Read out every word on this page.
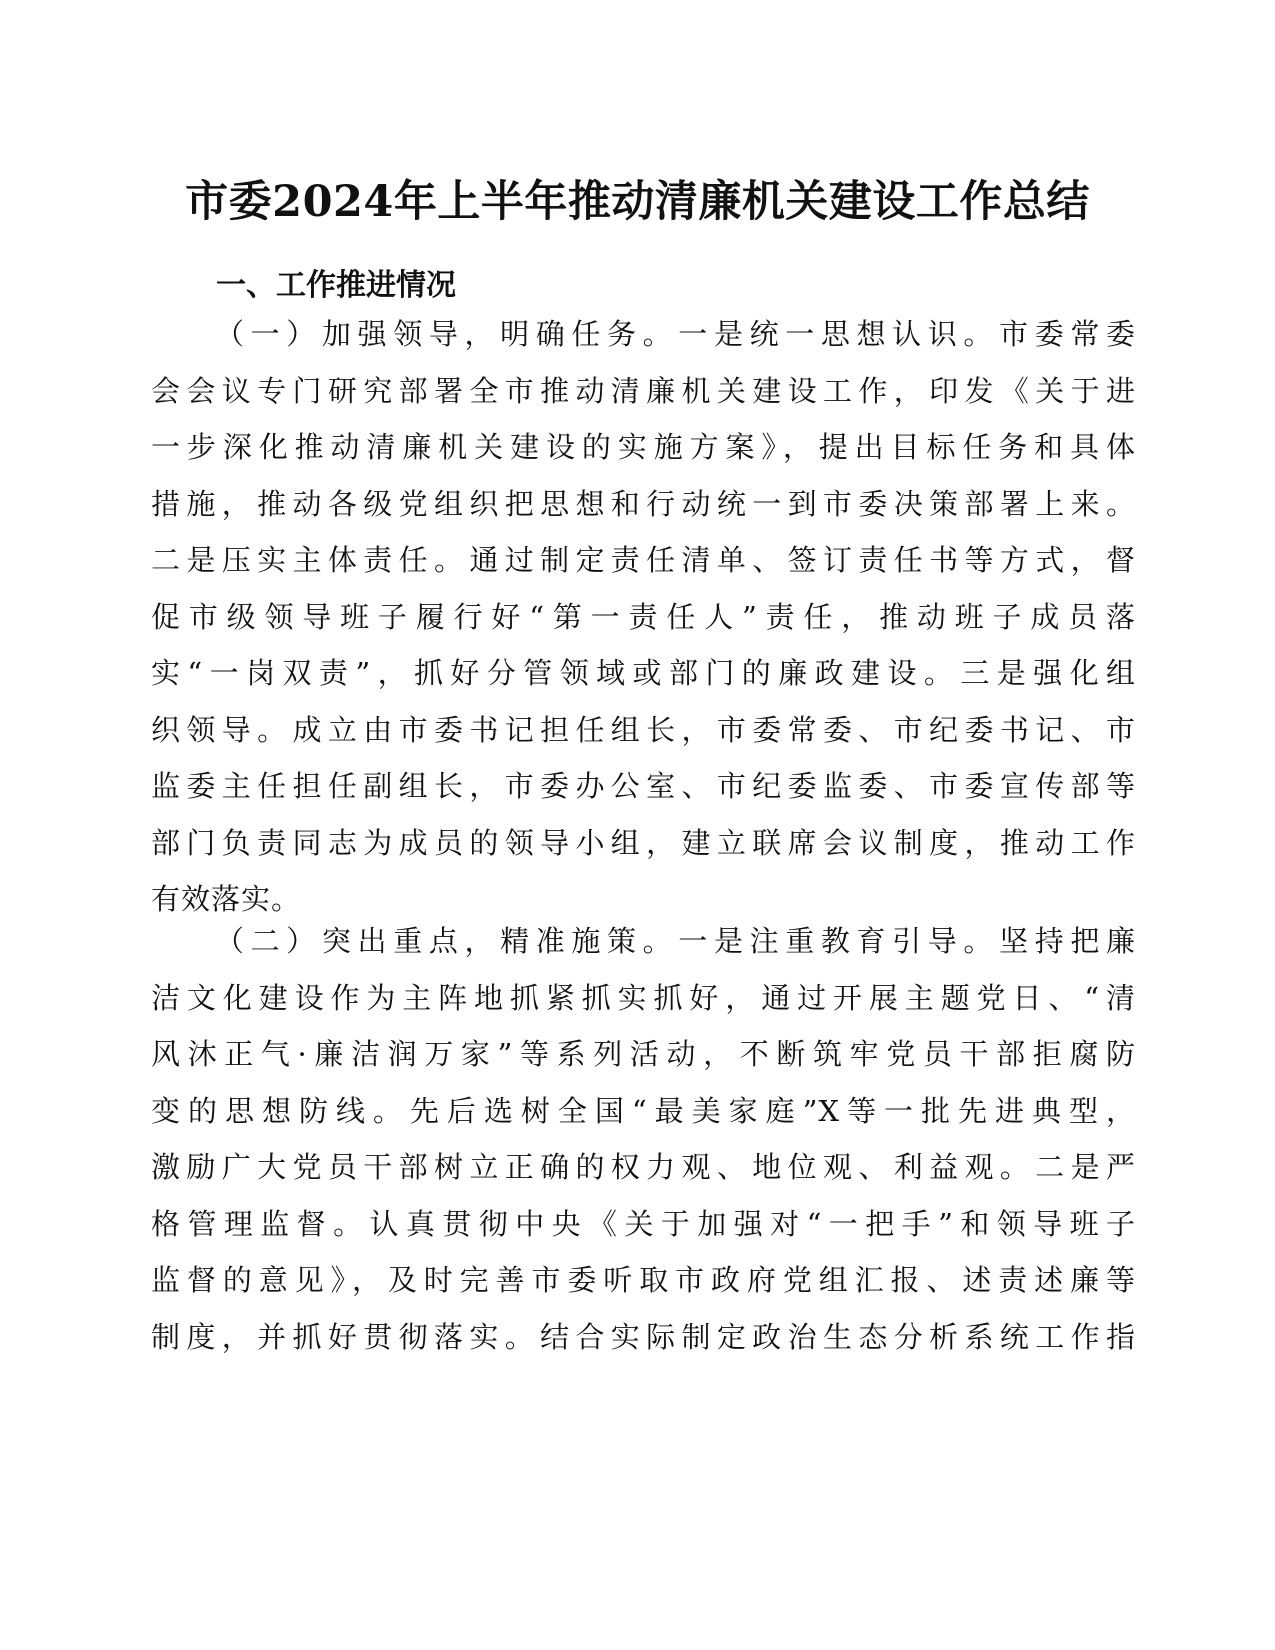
市委2024年上半年推动清廉机关建设工作总结
一、工作推进情况
（一）加强领导，明确任务。一是统一思想认识。市委常委
会会议专门研究部署全市推动清廉机关建设工作，印发《关于进
一步深化推动清廉机关建设的实施方案》，提出目标任务和具体
措施，推动各级党组织把思想和行动统一到市委决策部署上来。
二是压实主体责任。通过制定责任清单、签订责任书等方式，督
促市级领导班子履行好“第一责任人”责任，推动班子成员落
实“一岗双责”，抓好分管领域或部门的廉政建设。三是强化组
织领导。成立由市委书记担任组长，市委常委、市纪委书记、市
监委主任担任副组长，市委办公室、市纪委监委、市委宣传部等
部门负责同志为成员的领导小组，建立联席会议制度，推动工作
有效落实。
（二）突出重点，精准施策。一是注重教育引导。坚持把廉
洁文化建设作为主阵地抓紧抓实抓好，通过开展主题党日、“清
风沐正气·廉洁润万家”等系列活动，不断筑牢党员干部拒腐防
变的思想防线。先后选树全国“最美家庭”X等一批先进典型，
激励广大党员干部树立正确的权力观、地位观、利益观。二是严
格管理监督。认真贯彻中央《关于加强对“一把手”和领导班子
监督的意见》，及时完善市委听取市政府党组汇报、述责述廉等
制度，并抓好贯彻落实。结合实际制定政治生态分析系统工作指
